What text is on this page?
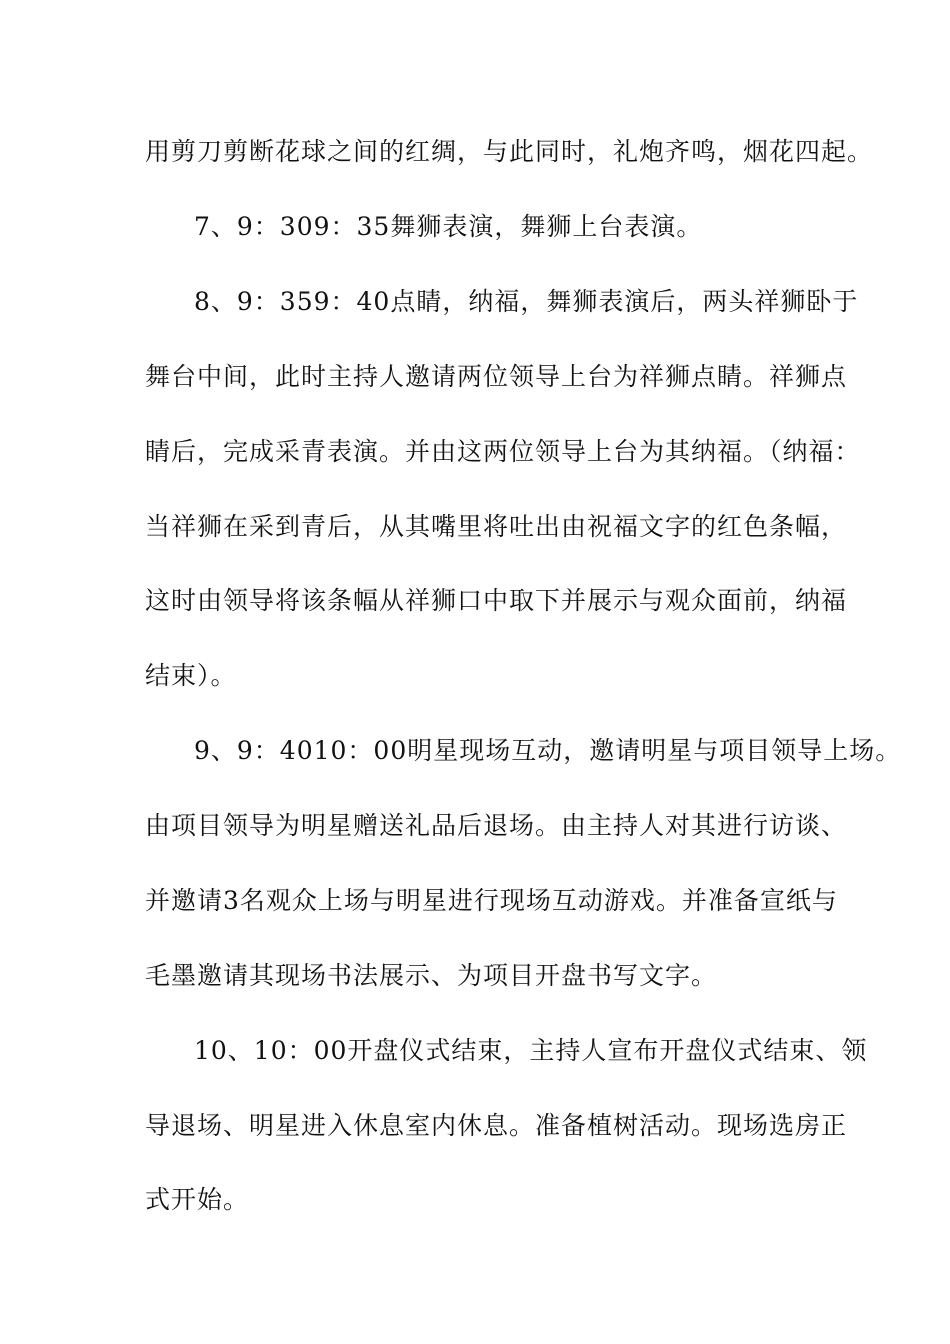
用剪刀剪断花球之间的红绸，与此同时，礼炮齐鸣，烟花四起。
7、9：309：35舞狮表演，舞狮上台表演。
8、9：359：40点睛，纳福，舞狮表演后，两头祥狮卧于
舞台中间，此时主持人邀请两位领导上台为祥狮点睛。祥狮点
睛后，完成采青表演。并由这两位领导上台为其纳福。（纳福：
当祥狮在采到青后，从其嘴里将吐出由祝福文字的红色条幅，
这时由领导将该条幅从祥狮口中取下并展示与观众面前，纳福
结束）。
9、9：4010：00明星现场互动，邀请明星与项目领导上场。
由项目领导为明星赠送礼品后退场。由主持人对其进行访谈、
并邀请3名观众上场与明星进行现场互动游戏。并准备宣纸与
毛墨邀请其现场书法展示、为项目开盘书写文字。
10、10：00开盘仪式结束，主持人宣布开盘仪式结束、领
导退场、明星进入休息室内休息。准备植树活动。现场选房正
式开始。
